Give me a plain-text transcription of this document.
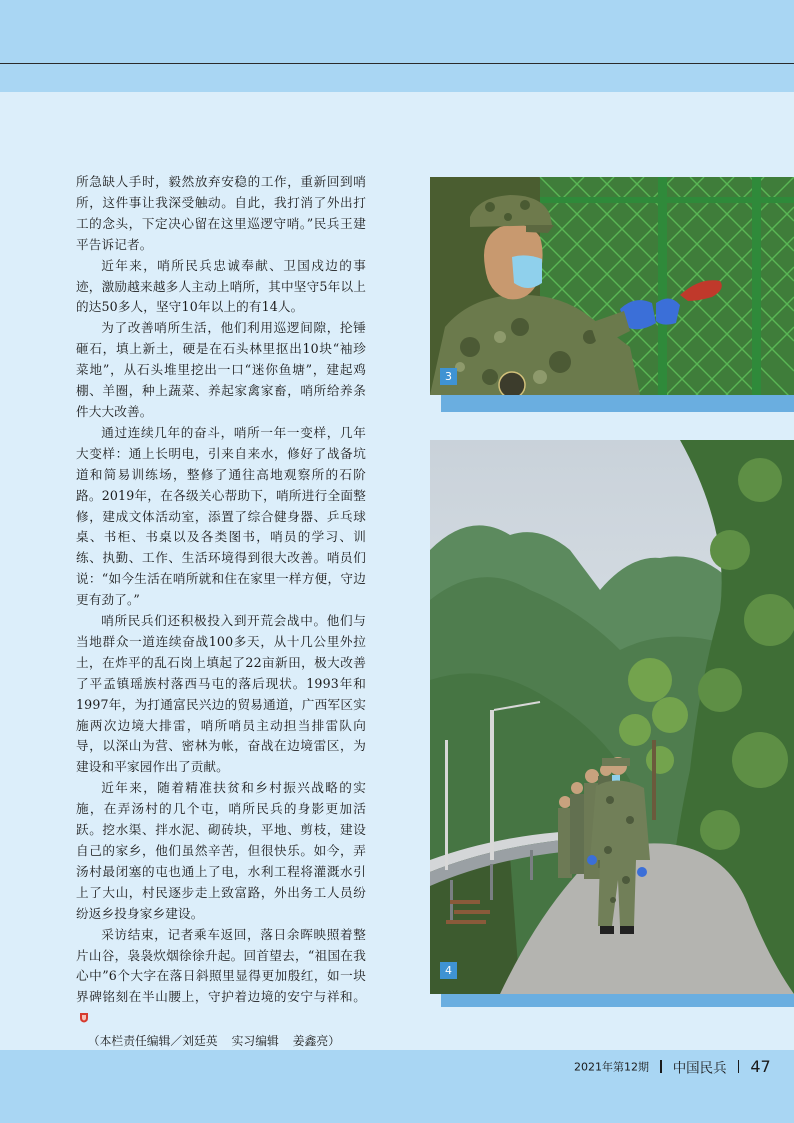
所急缺人手时，毅然放弃安稳的工作，重新回到哨所，这件事让我深受触动。自此，我打消了外出打工的念头，下定决心留在这里巡逻守哨。”民兵王建平告诉记者。

近年来，哨所民兵忠诚奉献、卫国戍边的事迹，激励越来越多人主动上哨所，其中坚守5年以上的达50多人，坚守10年以上的有14人。

为了改善哨所生活，他们利用巡逻间隙，抡锤砸石，填上新土，硬是在石头林里抠出10块“袖珍菜地”，从石头堆里挖出一口“迷你鱼塘”，建起鸡棚、羊圈，种上蔬菜、养起家禽家畜，哨所给养条件大大改善。

通过连续几年的奋斗，哨所一年一变样，几年大变样：通上长明电，引来自来水，修好了战备坑道和简易训练场，整修了通往高地观察所的石阶路。2019年，在各级关心帮助下，哨所进行全面整修，建成文体活动室，添置了综合健身器、乒乓球桌、书柜、书桌以及各类图书，哨员的学习、训练、执勤、工作、生活环境得到很大改善。哨员们说：“如今生活在哨所就和住在家里一样方便，守边更有劲了。”

哨所民兵们还积极投入到开荒会战中。他们与当地群众一道连续奋战100多天，从十几公里外拉土，在炸平的乱石岗上填起了22亩新田，极大改善了平孟镇瑶族村落西马屯的落后现状。1993年和1997年，为打通富民兴边的贸易通道，广西军区实施两次边境大排雷，哨所哨员主动担当排雷队向导，以深山为营、密林为帐，奋战在边境雷区，为建设和平家园作出了贡献。

近年来，随着精准扶贫和乡村振兴战略的实施，在弄汤村的几个屯，哨所民兵的身影更加活跃。挖水渠、拌水泥、砌砖块，平地、剪枝，建设自己的家乡，他们虽然辛苦，但很快乐。如今，弄汤村最闭塞的屯也通上了电，水利工程将灌溉水引上了大山，村民逐步走上致富路，外出务工人员纷纷返乡投身家乡建设。

采访结束，记者乘车返回，落日余晖映照着整片山谷，袅袅炊烟徐徐升起。回首望去，“祖国在我心中”6个大字在落日斜照里显得更加殷红，如一块界碑铭刻在半山腰上，守护着边境的安宁与祥和。

（本栏责任编辑／刘廷英 实习编辑 姜鑫亮）

3
4
2021年第12期 中国民兵 47
